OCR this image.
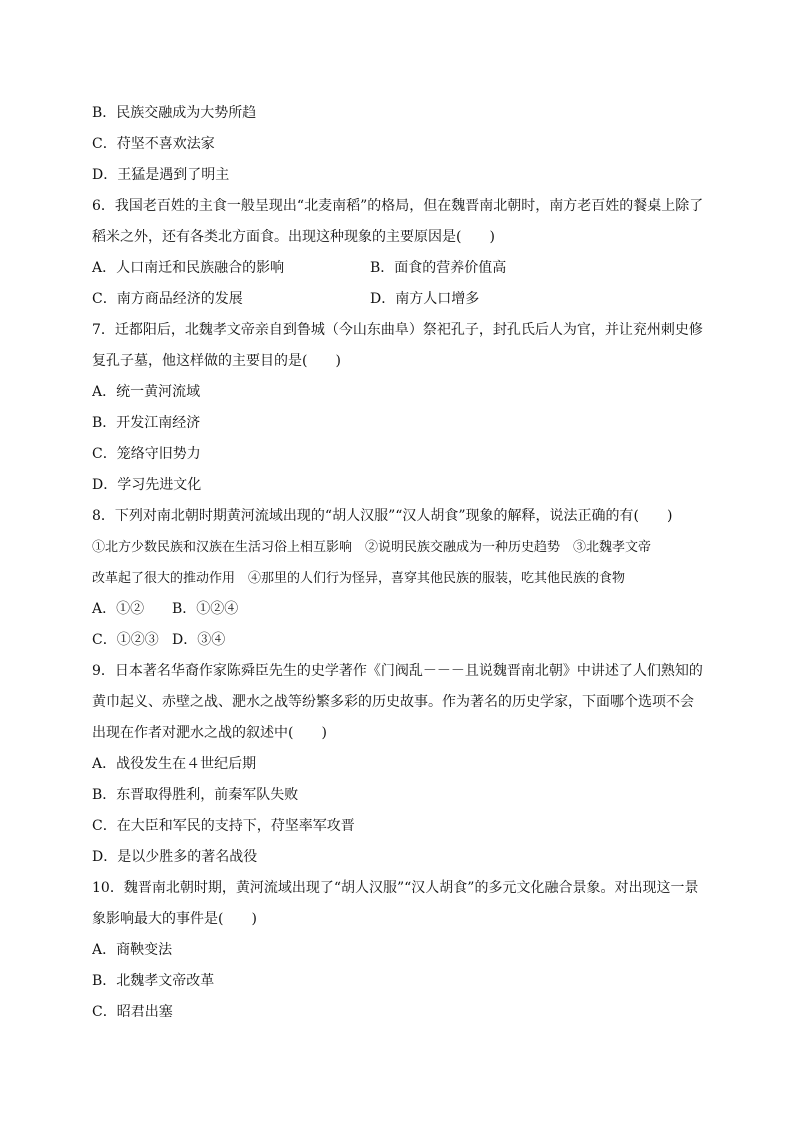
B．民族交融成为大势所趋
C．苻坚不喜欢法家
D．王猛是遇到了明主
6．我国老百姓的主食一般呈现出“北麦南稻”的格局，但在魏晋南北朝时，南方老百姓的餐桌上除了稻米之外，还有各类北方面食。出现这种现象的主要原因是(　　)
A．人口南迁和民族融合的影响	B．面食的营养价值高
C．南方商品经济的发展	D．南方人口增多
7．迁都阳后，北魏孝文帝亲自到鲁城（今山东曲阜）祭祀孔子，封孔氏后人为官，并让兖州刺史修复孔子墓，他这样做的主要目的是(　　)
A．统一黄河流域
B．开发江南经济
C．笼络守旧势力
D．学习先进文化
8．下列对南北朝时期黄河流域出现的“胡人汉服”“汉人胡食”现象的解释，说法正确的有(　　)
①北方少数民族和汉族在生活习俗上相互影响　②说明民族交融成为一种历史趋势　③北魏孝文帝
改革起了很大的推动作用　④那里的人们行为怪异，喜穿其他民族的服装，吃其他民族的食物
A．①②	B．①②④
C．①②③ D．③④
9．日本著名华裔作家陈舜臣先生的史学著作《门阀乱－－－且说魏晋南北朝》中讲述了人们熟知的黄巾起义、赤壁之战、淝水之战等纷繁多彩的历史故事。作为著名的历史学家，下面哪个选项不会出现在作者对淝水之战的叙述中(　　)
A．战役发生在４世纪后期
B．东晋取得胜利，前秦军队失败
C．在大臣和军民的支持下，苻坚率军攻晋
D．是以少胜多的著名战役
10．魏晋南北朝时期，黄河流域出现了“胡人汉服”“汉人胡食”的多元文化融合景象。对出现这一景象影响最大的事件是(　　)
A．商鞅变法
B．北魏孝文帝改革
C．昭君出塞
